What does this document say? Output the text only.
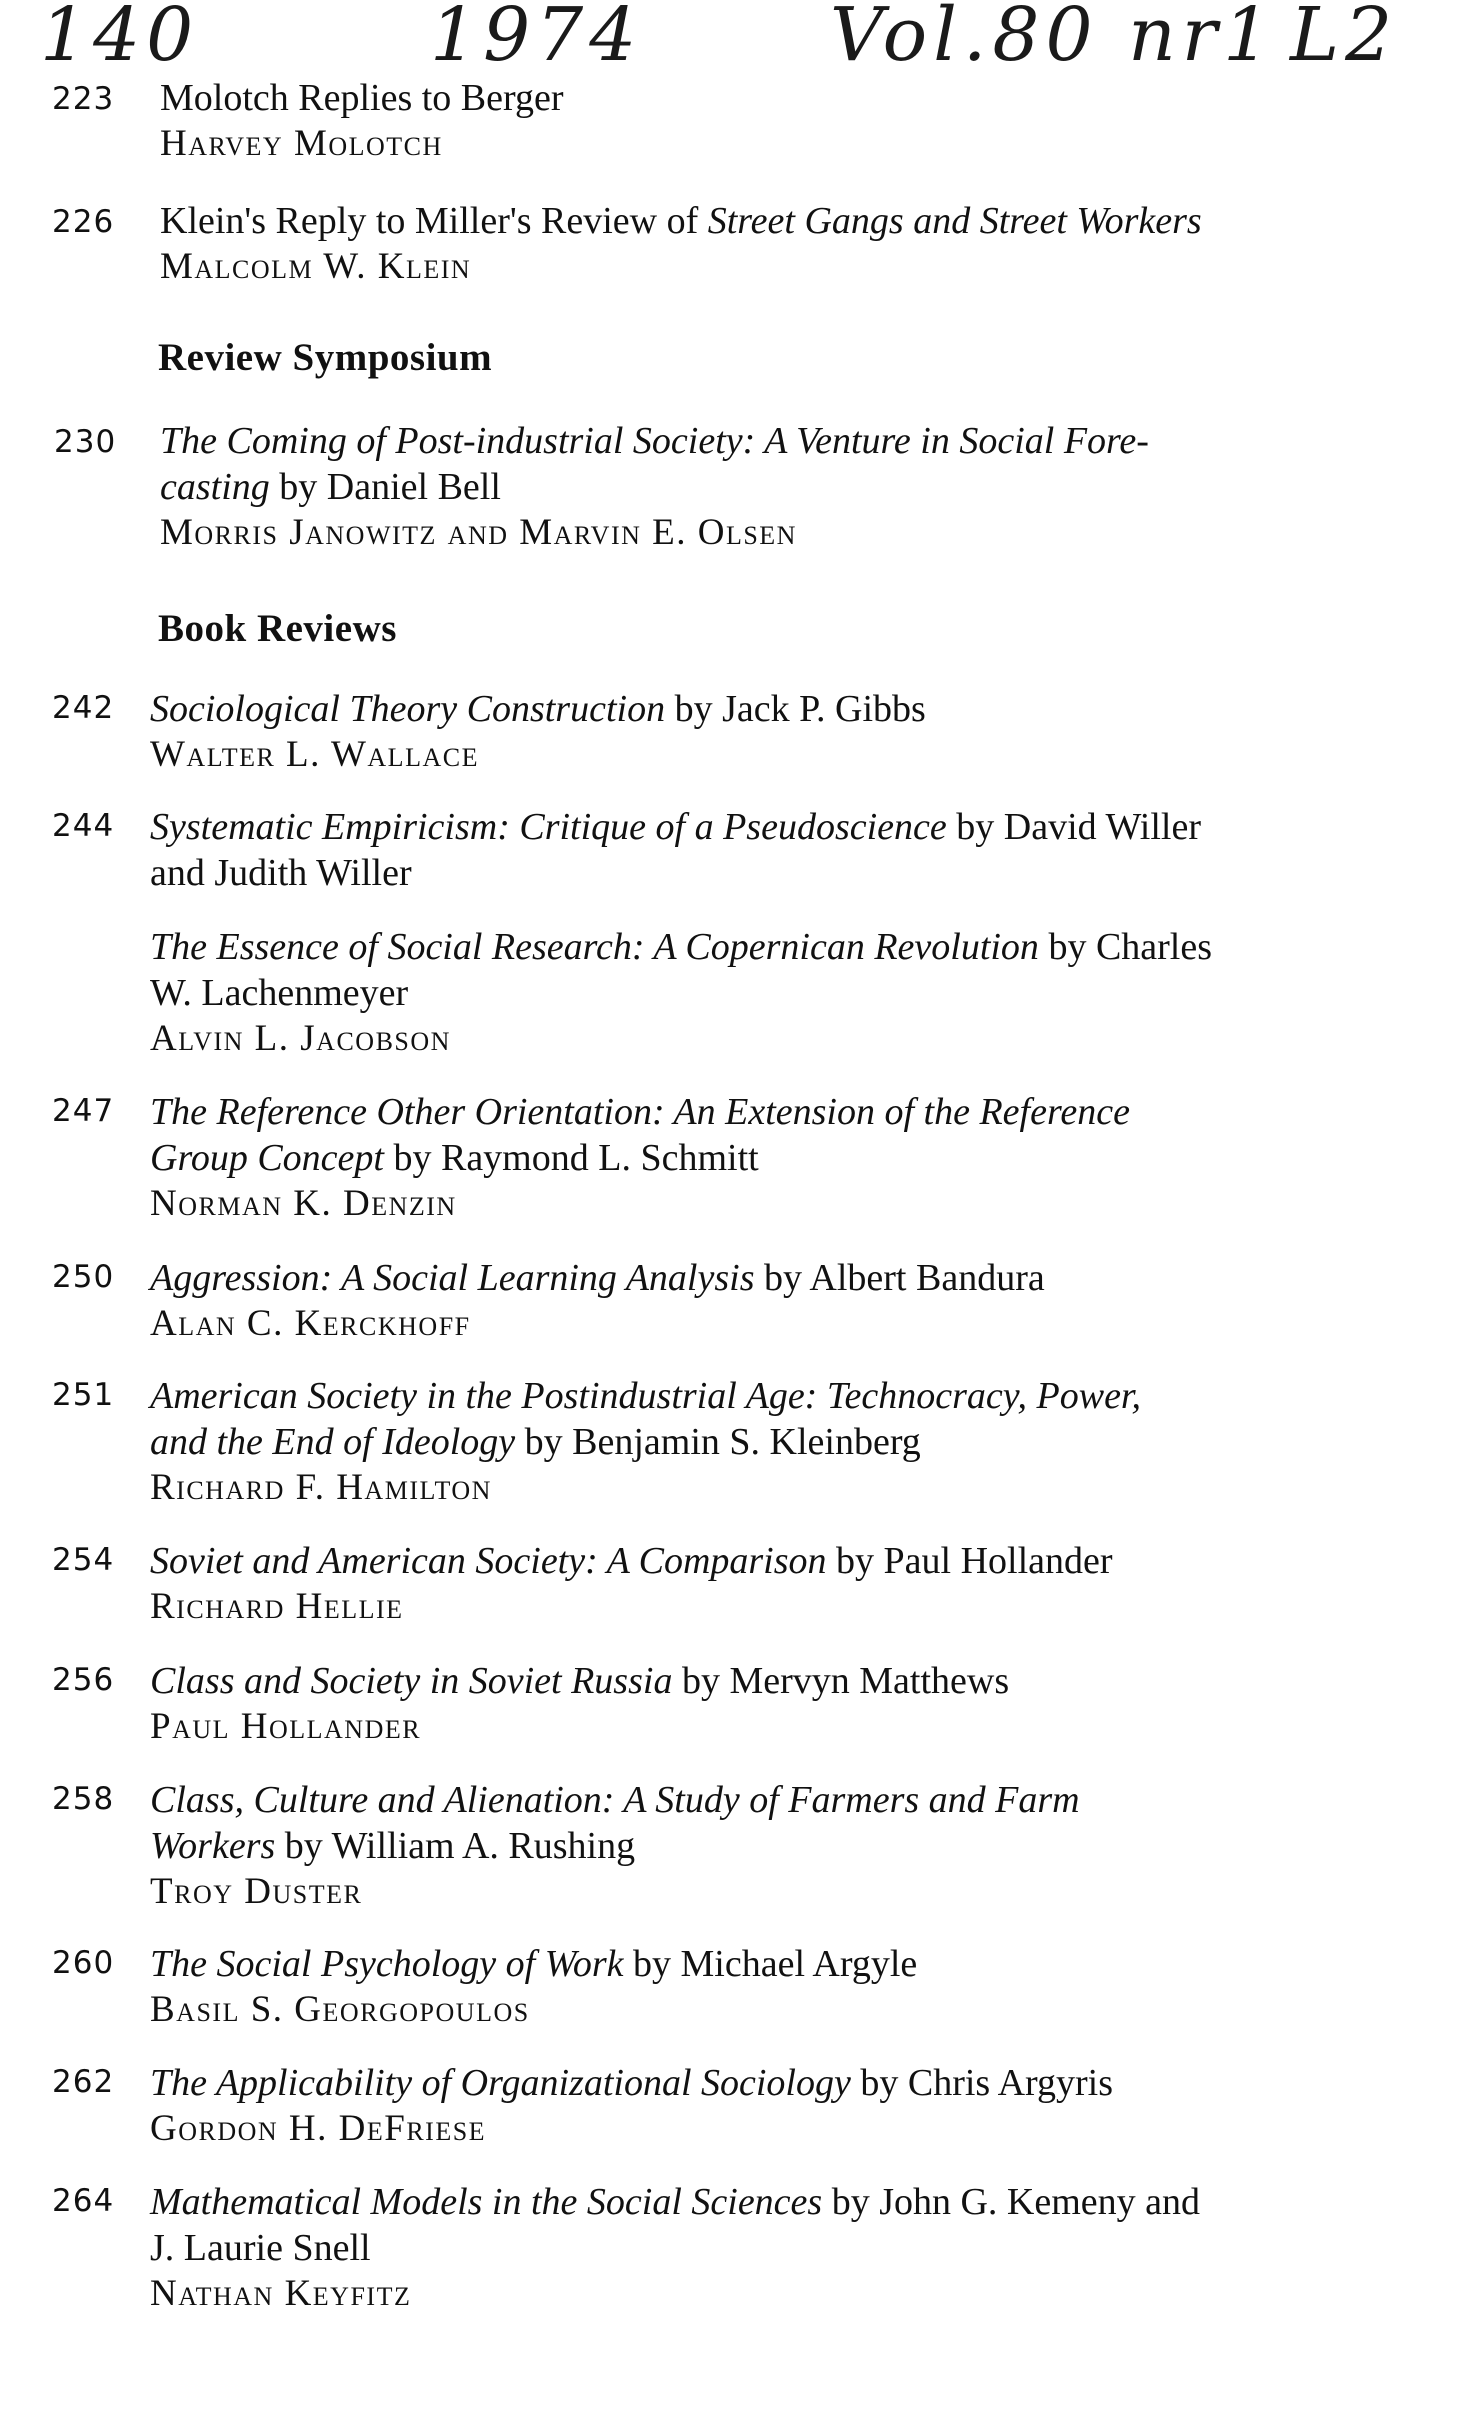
140	1974	Vol.80 nr1 L2
223 Molotch Replies to Berger
Harvey Molotch
226 Klein's Reply to Miller's Review of Street Gangs and Street Workers
Malcolm W. Klein
Review Symposium
230 The Coming of Post-industrial Society: A Venture in Social Fore-
casting by Daniel Bell
Morris Janowitz and Marvin E. Olsen
Book Reviews
242 Sociological Theory Construction by Jack P. Gibbs
Walter L. Wallace
244 Systematic Empiricism: Critique of a Pseudoscience by David Willer
and Judith Willer
The Essence of Social Research: A Copernican Revolution by Charles
W. Lachenmeyer
Alvin L. Jacobson
247 The Reference Other Orientation: An Extension of the Reference
Group Concept by Raymond L. Schmitt
Norman K. Denzin
250 Aggression: A Social Learning Analysis by Albert Bandura
Alan C. Kerckhoff
251 American Society in the Postindustrial Age: Technocracy, Power,
and the End of Ideology by Benjamin S. Kleinberg
Richard F. Hamilton
254 Soviet and American Society: A Comparison by Paul Hollander
Richard Hellie
256 Class and Society in Soviet Russia by Mervyn Matthews
Paul Hollander
258 Class, Culture and Alienation: A Study of Farmers and Farm
Workers by William A. Rushing
Troy Duster
260 The Social Psychology of Work by Michael Argyle
Basil S. Georgopoulos
262 The Applicability of Organizational Sociology by Chris Argyris
Gordon H. DeFriese
264 Mathematical Models in the Social Sciences by John G. Kemeny and
J. Laurie Snell
Nathan Keyfitz
